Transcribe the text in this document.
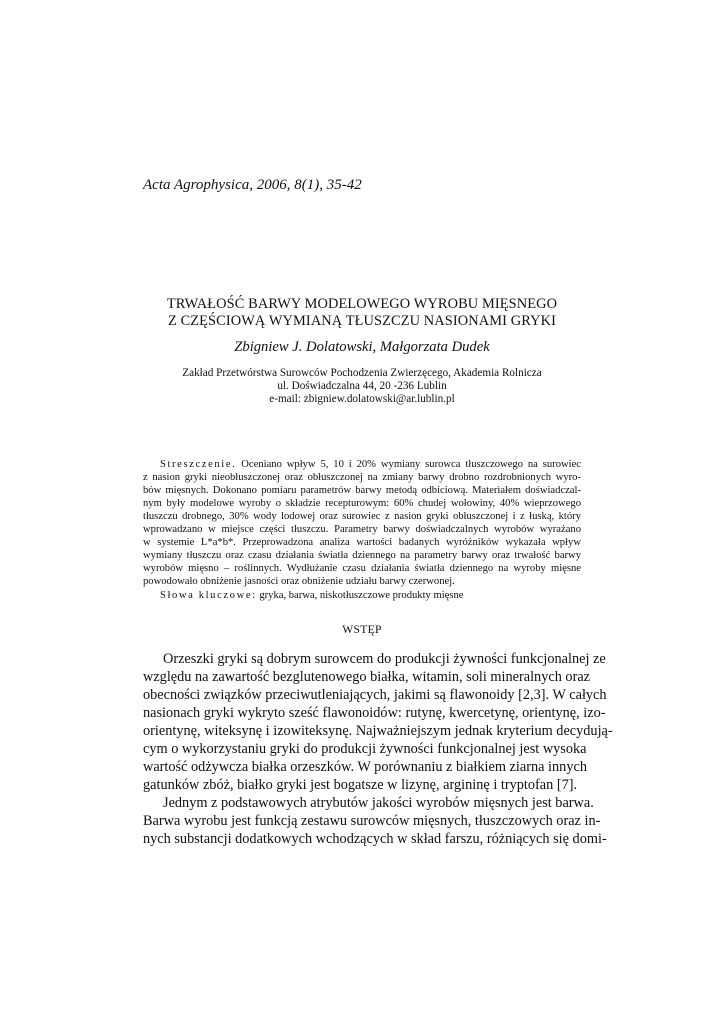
Acta Agrophysica, 2006, 8(1), 35-42
TRWAŁOŚĆ BARWY MODELOWEGO WYROBU MIĘSNEGO
Z CZĘŚCIOWĄ WYMIANĄ TŁUSZCZU NASIONAMI GRYKI
Zbigniew J. Dolatowski, Małgorzata Dudek
Zakład Przetwórstwa Surowców Pochodzenia Zwierzęcego, Akademia Rolnicza
ul. Doświadczalna 44, 20 -236 Lublin
e-mail: zbigniew.dolatowski@ar.lublin.pl
Streszczenie. Oceniano wpływ 5, 10 i 20% wymiany surowca tłuszczowego na surowiec
z nasion gryki nieobłuszczonej oraz obłuszczonej na zmiany barwy drobno rozdrobnionych wyro-
bów mięsnych. Dokonano pomiaru parametrów barwy metodą odbiciową. Materiałem doświadczal-
nym były modelowe wyroby o składzie recepturowym: 60% chudej wołowiny, 40% wieprzowego
tłuszczu drobnego, 30% wody lodowej oraz surowiec z nasion gryki obłuszczonej i z łuską, który
wprowadzano w miejsce części tłuszczu. Parametry barwy doświadczalnych wyrobów wyrażano
w systemie L*a*b*. Przeprowadzona analiza wartości badanych wyróżników wykazała wpływ
wymiany tłuszczu oraz czasu działania światła dziennego na parametry barwy oraz trwałość barwy
wyrobów mięsno – roślinnych. Wydłużanie czasu działania światła dziennego na wyroby mięsne
powodowało obniżenie jasności oraz obniżenie udziału barwy czerwonej.
Słowa kluczowe: gryka, barwa, niskotłuszczowe produkty mięsne
WSTĘP
Orzeszki gryki są dobrym surowcem do produkcji żywności funkcjonalnej ze
względu na zawartość bezglutenowego białka, witamin, soli mineralnych oraz
obecności związków przeciwutleniających, jakimi są flawonoidy [2,3]. W całych
nasionach gryki wykryto sześć flawonoidów: rutynę, kwercetynę, orientynę, izo-
orientynę, witeksynę i izowiteksynę. Najważniejszym jednak kryterium decydują-
cym o wykorzystaniu gryki do produkcji żywności funkcjonalnej jest wysoka
wartość odżywcza białka orzeszków. W porównaniu z białkiem ziarna innych
gatunków zbóż, białko gryki jest bogatsze w lizynę, argininę i tryptofan [7].
Jednym z podstawowych atrybutów jakości wyrobów mięsnych jest barwa.
Barwa wyrobu jest funkcją zestawu surowców mięsnych, tłuszczowych oraz in-
nych substancji dodatkowych wchodzących w skład farszu, różniących się domi-
